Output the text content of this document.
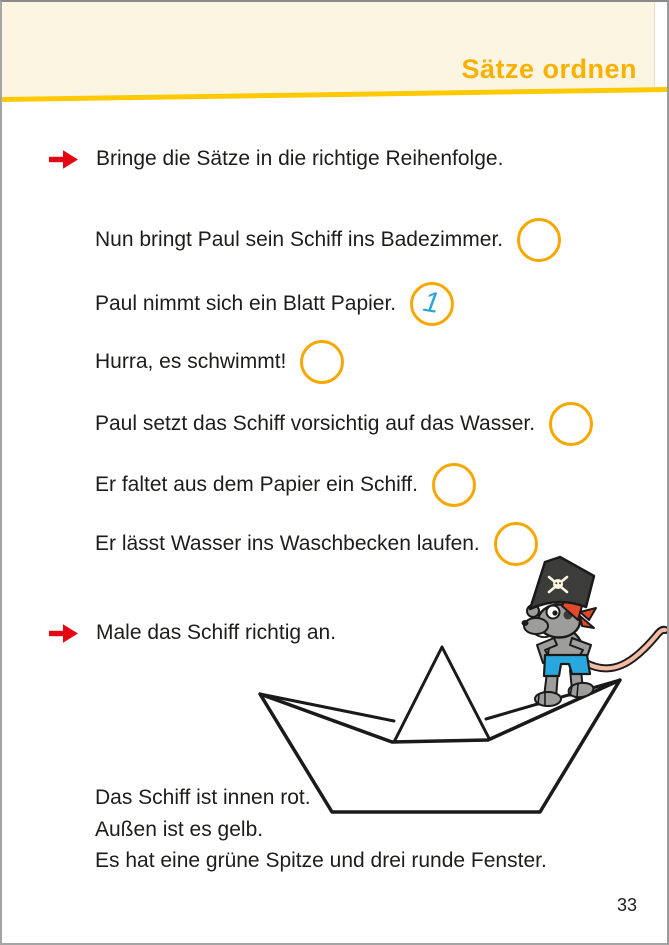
Sätze ordnen
Bringe die Sätze in die richtige Reihenfolge.
Nun bringt Paul sein Schiff ins Badezimmer.
Paul nimmt sich ein Blatt Papier. 1
Hurra, es schwimmt!
Paul setzt das Schiff vorsichtig auf das Wasser.
Er faltet aus dem Papier ein Schiff.
Er lässt Wasser ins Waschbecken laufen.
Male das Schiff richtig an.
Das Schiff ist innen rot.
Außen ist es gelb.
Es hat eine grüne Spitze und drei runde Fenster.
33
